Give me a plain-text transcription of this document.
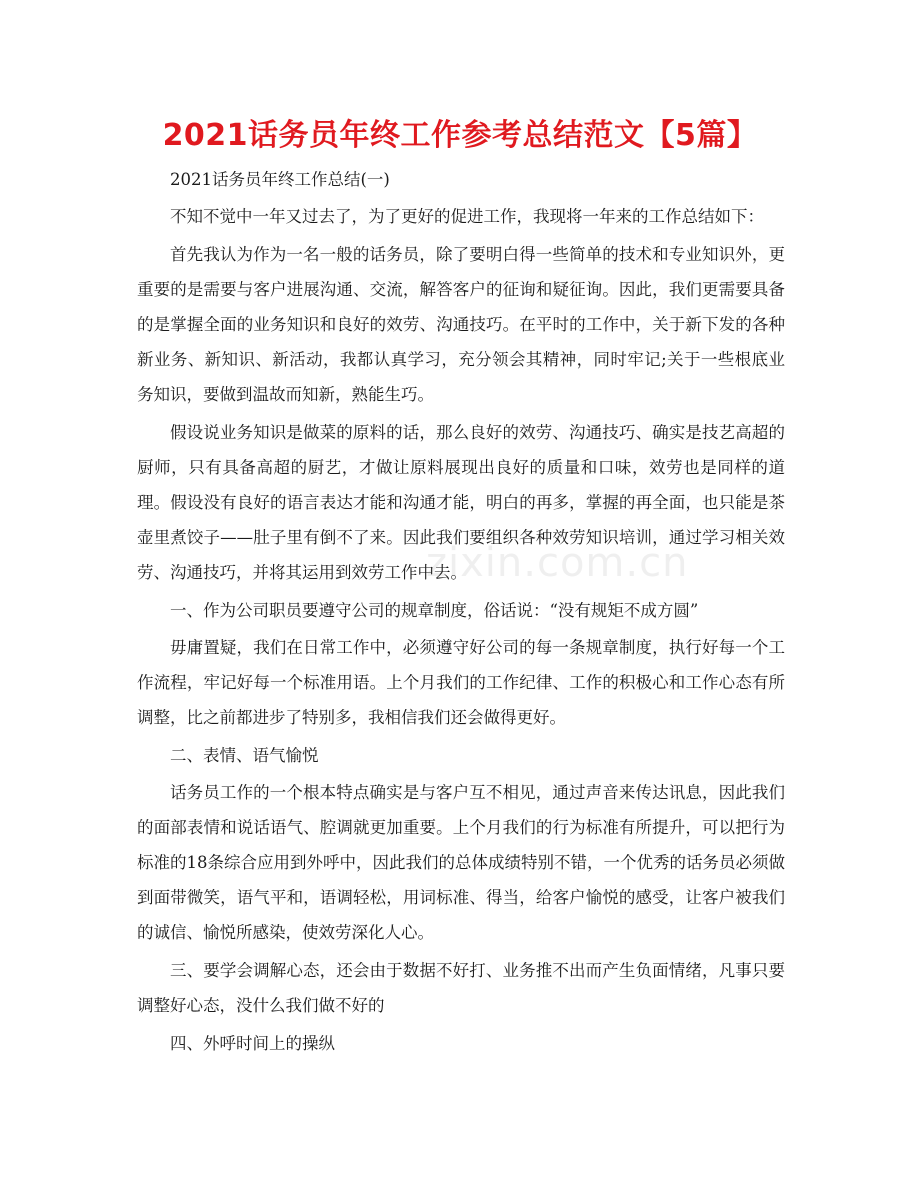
2021话务员年终工作参考总结范文【5篇】

2021话务员年终工作总结(一)

不知不觉中一年又过去了，为了更好的促进工作，我现将一年来的工作总结如下：

首先我认为作为一名一般的话务员，除了要明白得一些简单的技术和专业知识外，更重要的是需要与客户进展沟通、交流，解答客户的征询和疑征询。因此，我们更需要具备的是掌握全面的业务知识和良好的效劳、沟通技巧。在平时的工作中，关于新下发的各种新业务、新知识、新活动，我都认真学习，充分领会其精神，同时牢记;关于一些根底业务知识，要做到温故而知新，熟能生巧。

假设说业务知识是做菜的原料的话，那么良好的效劳、沟通技巧、确实是技艺高超的厨师，只有具备高超的厨艺，才做让原料展现出良好的质量和口味，效劳也是同样的道理。假设没有良好的语言表达才能和沟通才能，明白的再多，掌握的再全面，也只能是茶壶里煮饺子——肚子里有倒不了来。因此我们要组织各种效劳知识培训，通过学习相关效劳、沟通技巧，并将其运用到效劳工作中去。

一、作为公司职员要遵守公司的规章制度，俗话说：“没有规矩不成方圆”

毋庸置疑，我们在日常工作中，必须遵守好公司的每一条规章制度，执行好每一个工作流程，牢记好每一个标准用语。上个月我们的工作纪律、工作的积极心和工作心态有所调整，比之前都进步了特别多，我相信我们还会做得更好。

二、表情、语气愉悦

话务员工作的一个根本特点确实是与客户互不相见，通过声音来传达讯息，因此我们的面部表情和说话语气、腔调就更加重要。上个月我们的行为标准有所提升，可以把行为标准的18条综合应用到外呼中，因此我们的总体成绩特别不错，一个优秀的话务员必须做到面带微笑，语气平和，语调轻松，用词标准、得当，给客户愉悦的感受，让客户被我们的诚信、愉悦所感染，使效劳深化人心。

三、要学会调解心态，还会由于数据不好打、业务推不出而产生负面情绪，凡事只要调整好心态，没什么我们做不好的

四、外呼时间上的操纵

zixin.com.cn
